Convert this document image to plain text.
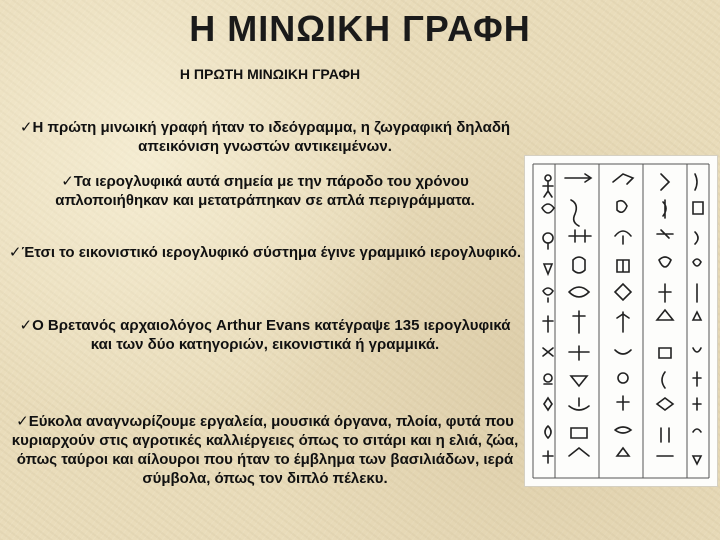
Η ΜΙΝΩΙΚΗ ΓΡΑΦΗ
Η ΠΡΩΤΗ ΜΙΝΩΙΚΗ ΓΡΑΦΗ
✓Η πρώτη μινωική γραφή ήταν το ιδεόγραμμα, η ζωγραφική δηλαδή απεικόνιση γνωστών αντικειμένων.
✓Τα ιερογλυφικά αυτά σημεία με την πάροδο του χρόνου απλοποιήθηκαν και μετατράπηκαν σε απλά περιγράμματα.
✓Έτσι το εικονιστικό ιερογλυφικό σύστημα έγινε γραμμικό ιερογλυφικό.
✓Ο Βρετανός αρχαιολόγος Arthur Evans κατέγραψε 135 ιερογλυφικά και των δύο κατηγοριών, εικονιστικά ή γραμμικά.
✓Εύκολα αναγνωρίζουμε εργαλεία, μουσικά όργανα, πλοία, φυτά που κυριαρχούν στις αγροτικές καλλιέργειες όπως το σιτάρι και η ελιά, ζώα, όπως ταύροι και αίλουροι που ήταν το έμβλημα των βασιλιάδων, ιερά σύμβολα, όπως τον διπλό πέλεκυ.
